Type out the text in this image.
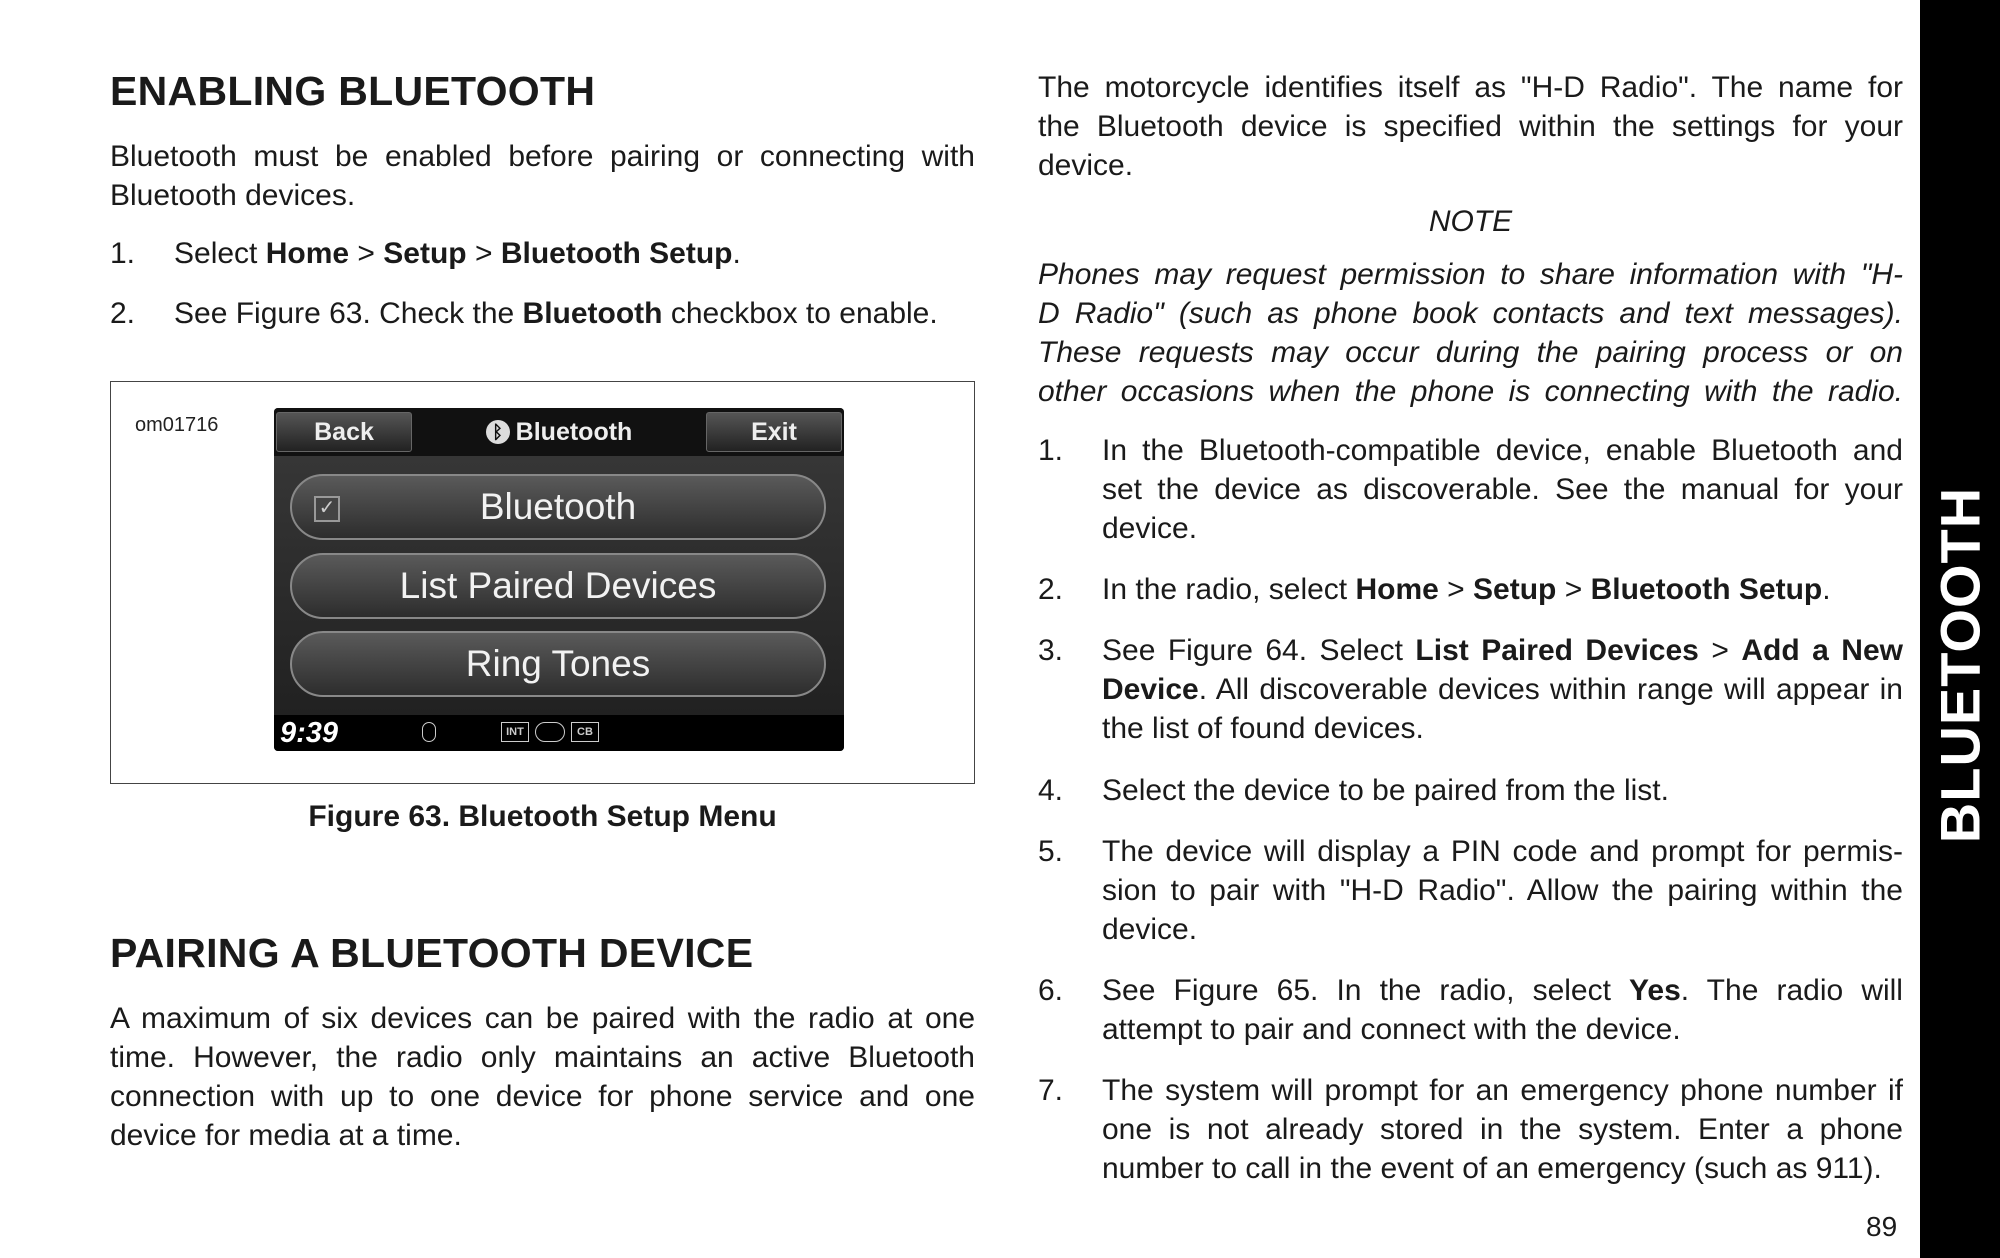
BLUETOOTH
ENABLING BLUETOOTH
Bluetooth must be enabled before pairing or connecting with
Bluetooth devices.
1. Select Home > Setup > Bluetooth Setup.
2. See Figure 63. Check the Bluetooth checkbox to enable.
om01716	Back	ᛒ Bluetooth	Exit
✓	Bluetooth
List Paired Devices
Ring Tones
9:39	INT	CB
Figure 63. Bluetooth Setup Menu
PAIRING A BLUETOOTH DEVICE
A maximum of six devices can be paired with the radio at one
time. However, the radio only maintains an active Bluetooth
connection with up to one device for phone service and one
device for media at a time.
The motorcycle identifies itself as "H-D Radio". The name for
the Bluetooth device is specified within the settings for your
device.
NOTE
Phones may request permission to share information with "H-
D Radio" (such as phone book contacts and text messages).
These requests may occur during the pairing process or on
other occasions when the phone is connecting with the radio.
1. In the Bluetooth-compatible device, enable Bluetooth and set the device as discoverable. See the manual for your device.
2. In the radio, select Home > Setup > Bluetooth Setup.
3. See Figure 64. Select List Paired Devices > Add a New Device. All discoverable devices within range will appear in the list of found devices.
4. Select the device to be paired from the list.
5. The device will display a PIN code and prompt for permis-sion to pair with "H-D Radio". Allow the pairing within the device.
6. See Figure 65. In the radio, select Yes. The radio will attempt to pair and connect with the device.
7. The system will prompt for an emergency phone number if one is not already stored in the system. Enter a phone number to call in the event of an emergency (such as 911).
89
